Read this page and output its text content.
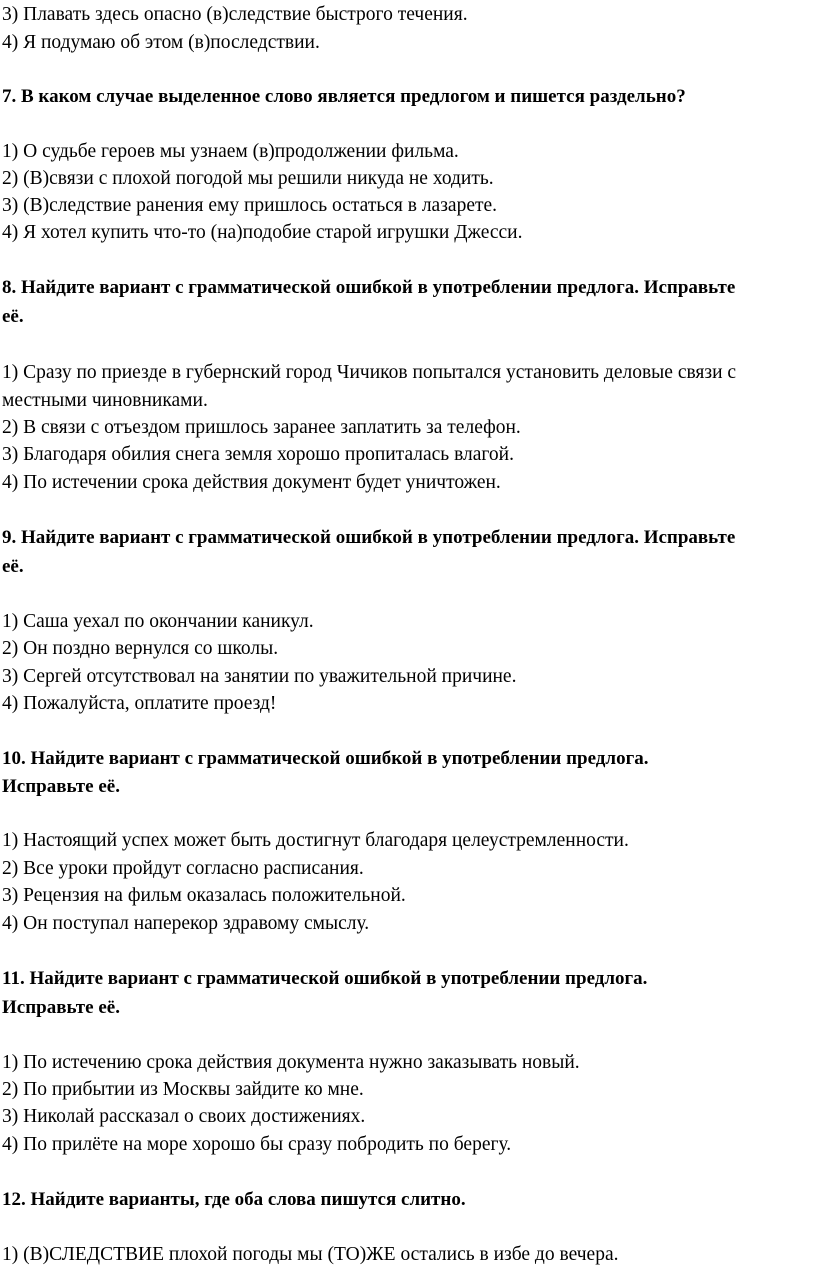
3) Плавать здесь опасно (в)следствие быстрого течения.

4) Я подумаю об этом (в)последствии.

7. В каком случае выделенное слово является предлогом и пишется раздельно?

1) О судьбе героев мы узнаем (в)продолжении фильма.

2) (В)связи с плохой погодой мы решили никуда не ходить.

3) (В)следствие ранения ему пришлось остаться в лазарете.

4) Я хотел купить что-то (на)подобие старой игрушки Джесси.

8. Найдите вариант с грамматической ошибкой в употреблении предлога. Исправьте

её.

1) Сразу по приезде в губернский город Чичиков попытался установить деловые связи с

местными чиновниками.

2) В связи с отъездом пришлось заранее заплатить за телефон.

3) Благодаря обилия снега земля хорошо пропиталась влагой.

4) По истечении срока действия документ будет уничтожен.

9. Найдите вариант с грамматической ошибкой в употреблении предлога. Исправьте

её.

1) Саша уехал по окончании каникул.

2) Он поздно вернулся со школы.

3) Сергей отсутствовал на занятии по уважительной причине.

4) Пожалуйста, оплатите проезд!

10. Найдите вариант с грамматической ошибкой в употреблении предлога.

Исправьте её.

1) Настоящий успех может быть достигнут благодаря целеустремленности.

2) Все уроки пройдут согласно расписания.

3) Рецензия на фильм оказалась положительной.

4) Он поступал наперекор здравому смыслу.

11. Найдите вариант с грамматической ошибкой в употреблении предлога.

Исправьте её.

1) По истечению срока действия документа нужно заказывать новый.

2) По прибытии из Москвы зайдите ко мне.

3) Николай рассказал о своих достижениях.

4) По прилёте на море хорошо бы сразу побродить по берегу.

12. Найдите варианты, где оба слова пишутся слитно.

1) (В)СЛЕДСТВИЕ плохой погоды мы (ТО)ЖЕ остались в избе до вечера.
